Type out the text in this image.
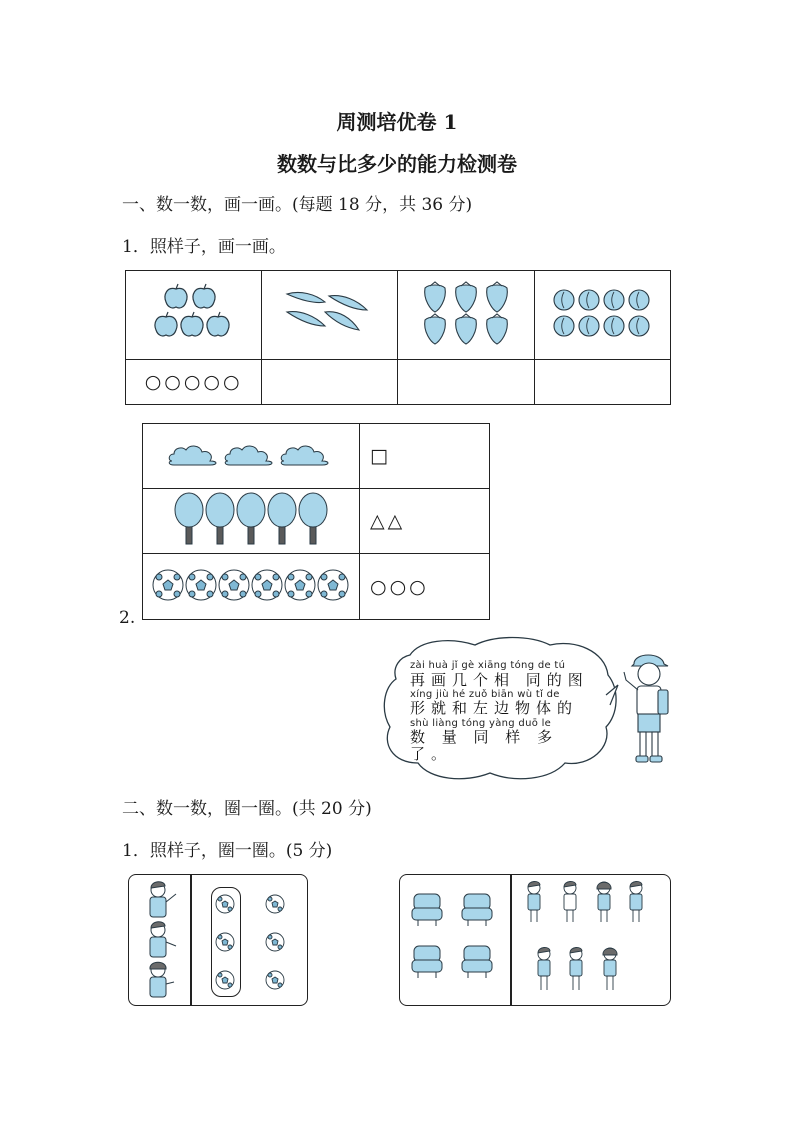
周测培优卷 1
数数与比多少的能力检测卷
一、数一数，画一画。(每题 18 分，共 36 分)
1．照样子，画一画。

○○○○○			
2.
	□
	△△
	○○○
zài huà jǐ gè xiāng tóng de tú
再画几个相 同的图
xíng jiù hé zuǒ biān wù tǐ de
形就和左边物体的
shù liàng tóng yàng duō le
数 量 同 样 多 了。
二、数一数，圈一圈。(共 20 分)
1．照样子，圈一圈。(5 分)
